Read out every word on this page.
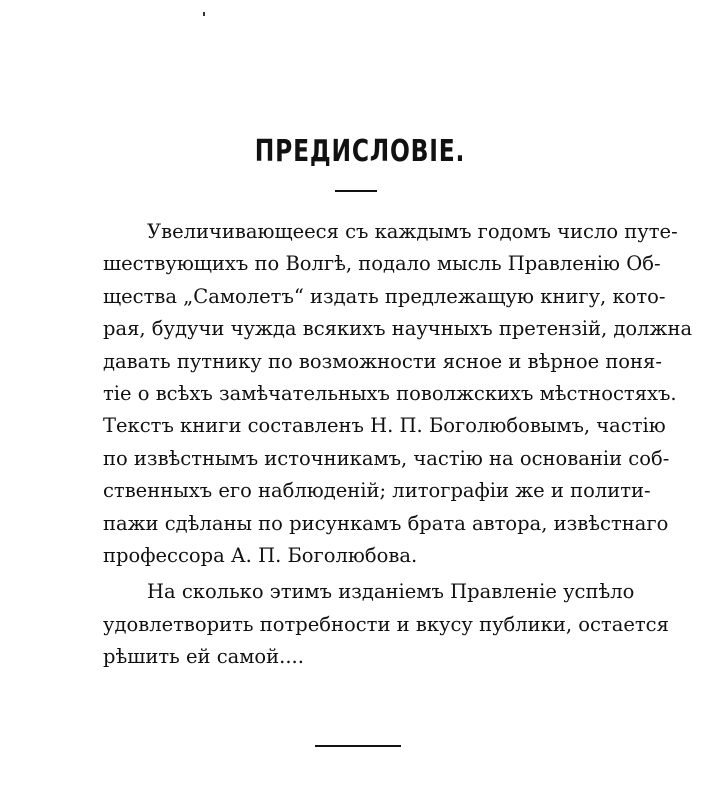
ПРЕДИСЛОВІЕ.
Увеличивающееся съ каждымъ годомъ число путе-
шествующихъ по Волгѣ, подало мысль Правленію Об-
щества „Самолетъ“ издать предлежащую книгу, кото-
рая, будучи чужда всякихъ научныхъ претензій, должна
давать путнику по возможности ясное и вѣрное поня-
тіе о всѣхъ замѣчательныхъ поволжскихъ мѣстностяхъ.
Текстъ книги составленъ Н. П. Боголюбовымъ, частію
по извѣстнымъ источникамъ, частію на основаніи соб-
ственныхъ его наблюденій; литографіи же и полити-
пажи сдѣланы по рисункамъ брата автора, извѣстнаго
профессора А. П. Боголюбова.
На сколько этимъ изданіемъ Правленіе успѣло
удовлетворить потребности и вкусу публики, остается
рѣшить ей самой....
